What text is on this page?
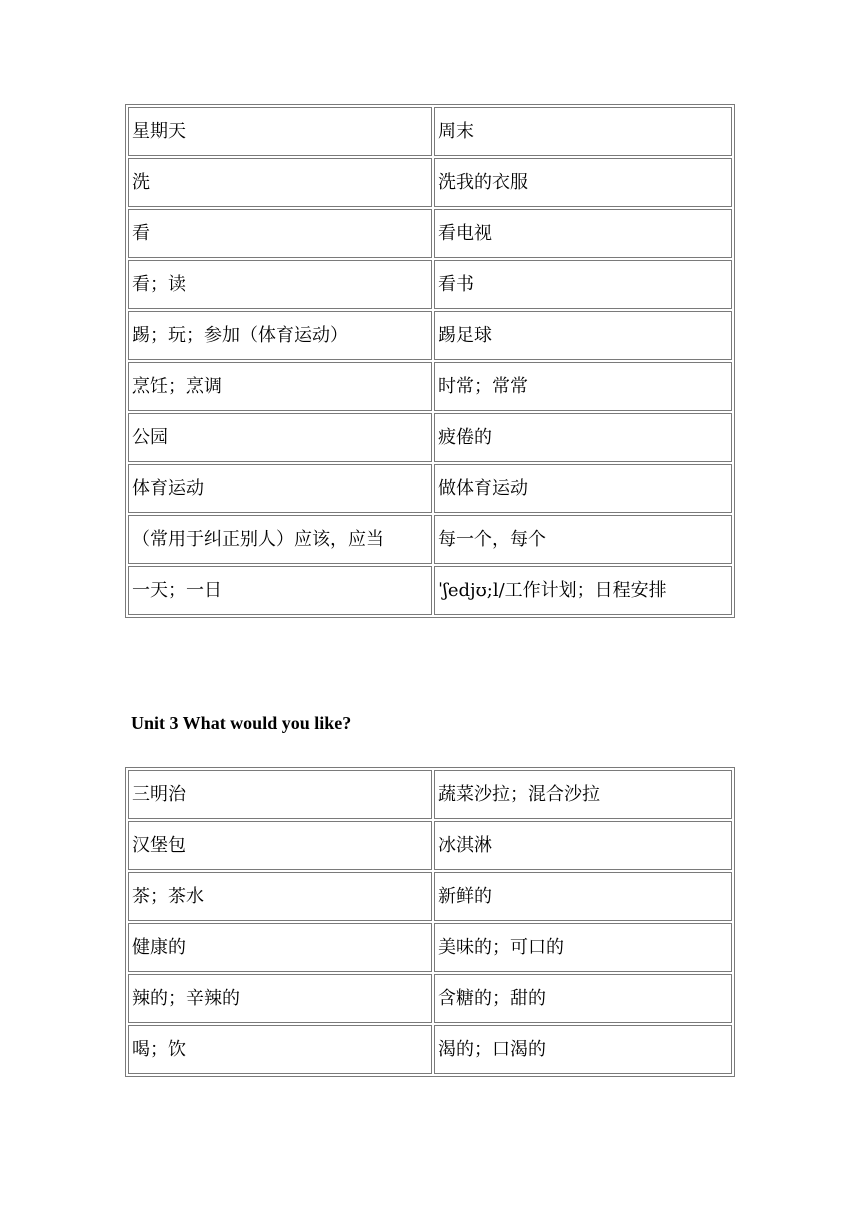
星期天	周末
洗	洗我的衣服
看	看电视
看；读	看书
踢；玩；参加（体育运动）	踢足球
烹饪；烹调	时常；常常
公园	疲倦的
体育运动	做体育运动
（常用于纠正别人）应该，应当	每一个，每个
一天；一日	ˈʃedjʊ;l/工作计划；日程安排
Unit 3 What would you like?
三明治	蔬菜沙拉；混合沙拉
汉堡包	冰淇淋
茶；茶水	新鲜的
健康的	美味的；可口的
辣的；辛辣的	含糖的；甜的
喝；饮	渴的；口渴的
